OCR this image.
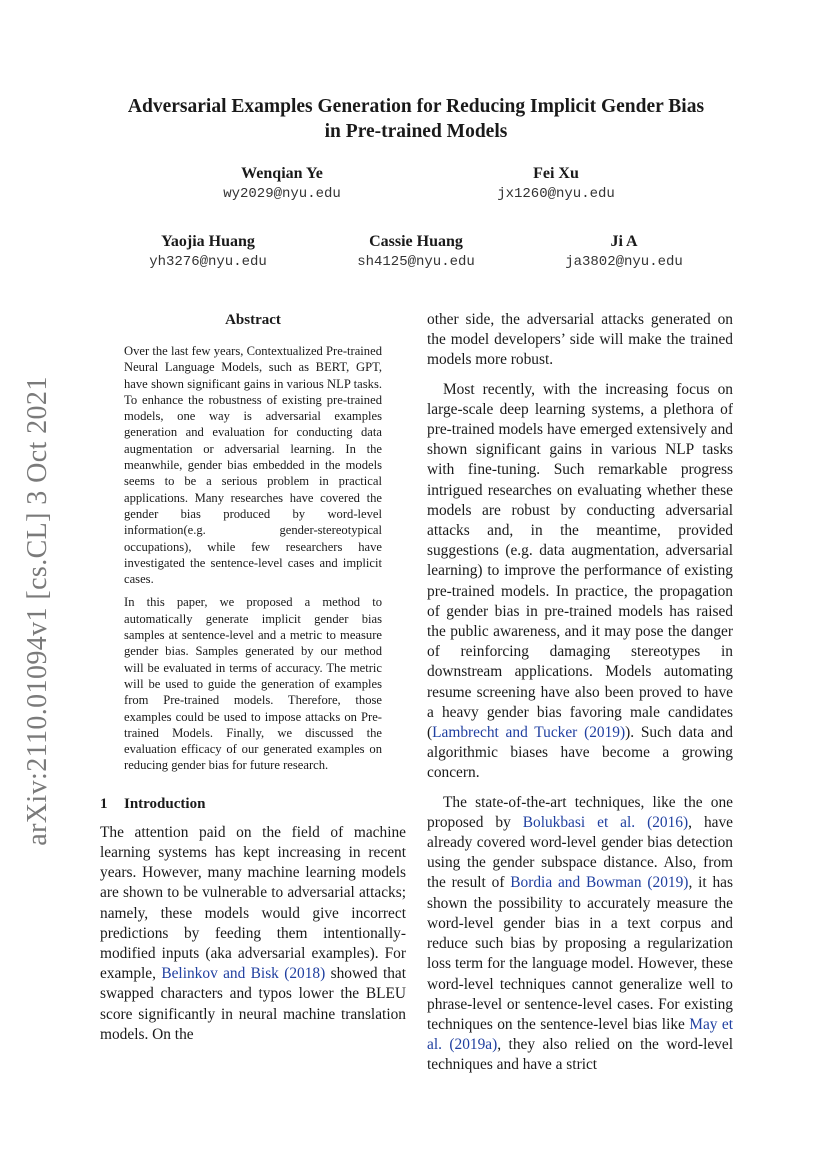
arXiv:2110.01094v1 [cs.CL] 3 Oct 2021
Adversarial Examples Generation for Reducing Implicit Gender Bias
in Pre-trained Models
Wenqian Ye
wy2029@nyu.edu
Fei Xu
jx1260@nyu.edu
Yaojia Huang
yh3276@nyu.edu
Cassie Huang
sh4125@nyu.edu
Ji A
ja3802@nyu.edu
Abstract

Over the last few years, Contextualized Pre-trained Neural Language Models, such as BERT, GPT, have shown significant gains in various NLP tasks. To enhance the robustness of existing pre-trained models, one way is adversarial examples generation and evaluation for conducting data augmentation or adversarial learning. In the meanwhile, gender bias embedded in the models seems to be a serious problem in practical applications. Many researches have covered the gender bias produced by word-level information(e.g. gender-stereotypical occupations), while few researchers have investigated the sentence-level cases and implicit cases.

In this paper, we proposed a method to automatically generate implicit gender bias samples at sentence-level and a metric to measure gender bias. Samples generated by our method will be evaluated in terms of accuracy. The metric will be used to guide the generation of examples from Pre-trained models. Therefore, those examples could be used to impose attacks on Pre-trained Models. Finally, we discussed the evaluation efficacy of our generated examples on reducing gender bias for future research.

1 Introduction

The attention paid on the field of machine learning systems has kept increasing in recent years. However, many machine learning models are shown to be vulnerable to adversarial attacks; namely, these models would give incorrect predictions by feeding them intentionally-modified inputs (aka adversarial examples). For example, Belinkov and Bisk (2018) showed that swapped characters and typos lower the BLEU score significantly in neural machine translation models. On the

other side, the adversarial attacks generated on the model developers’ side will make the trained models more robust.

Most recently, with the increasing focus on large-scale deep learning systems, a plethora of pre-trained models have emerged extensively and shown significant gains in various NLP tasks with fine-tuning. Such remarkable progress intrigued researches on evaluating whether these models are robust by conducting adversarial attacks and, in the meantime, provided suggestions (e.g. data augmentation, adversarial learning) to improve the performance of existing pre-trained models. In practice, the propagation of gender bias in pre-trained models has raised the public awareness, and it may pose the danger of reinforcing damaging stereotypes in downstream applications. Models automating resume screening have also been proved to have a heavy gender bias favoring male candidates (Lambrecht and Tucker (2019)). Such data and algorithmic biases have become a growing concern.

The state-of-the-art techniques, like the one proposed by Bolukbasi et al. (2016), have already covered word-level gender bias detection using the gender subspace distance. Also, from the result of Bordia and Bowman (2019), it has shown the possibility to accurately measure the word-level gender bias in a text corpus and reduce such bias by proposing a regularization loss term for the language model. However, these word-level techniques cannot generalize well to phrase-level or sentence-level cases. For existing techniques on the sentence-level bias like May et al. (2019a), they also relied on the word-level techniques and have a strict
